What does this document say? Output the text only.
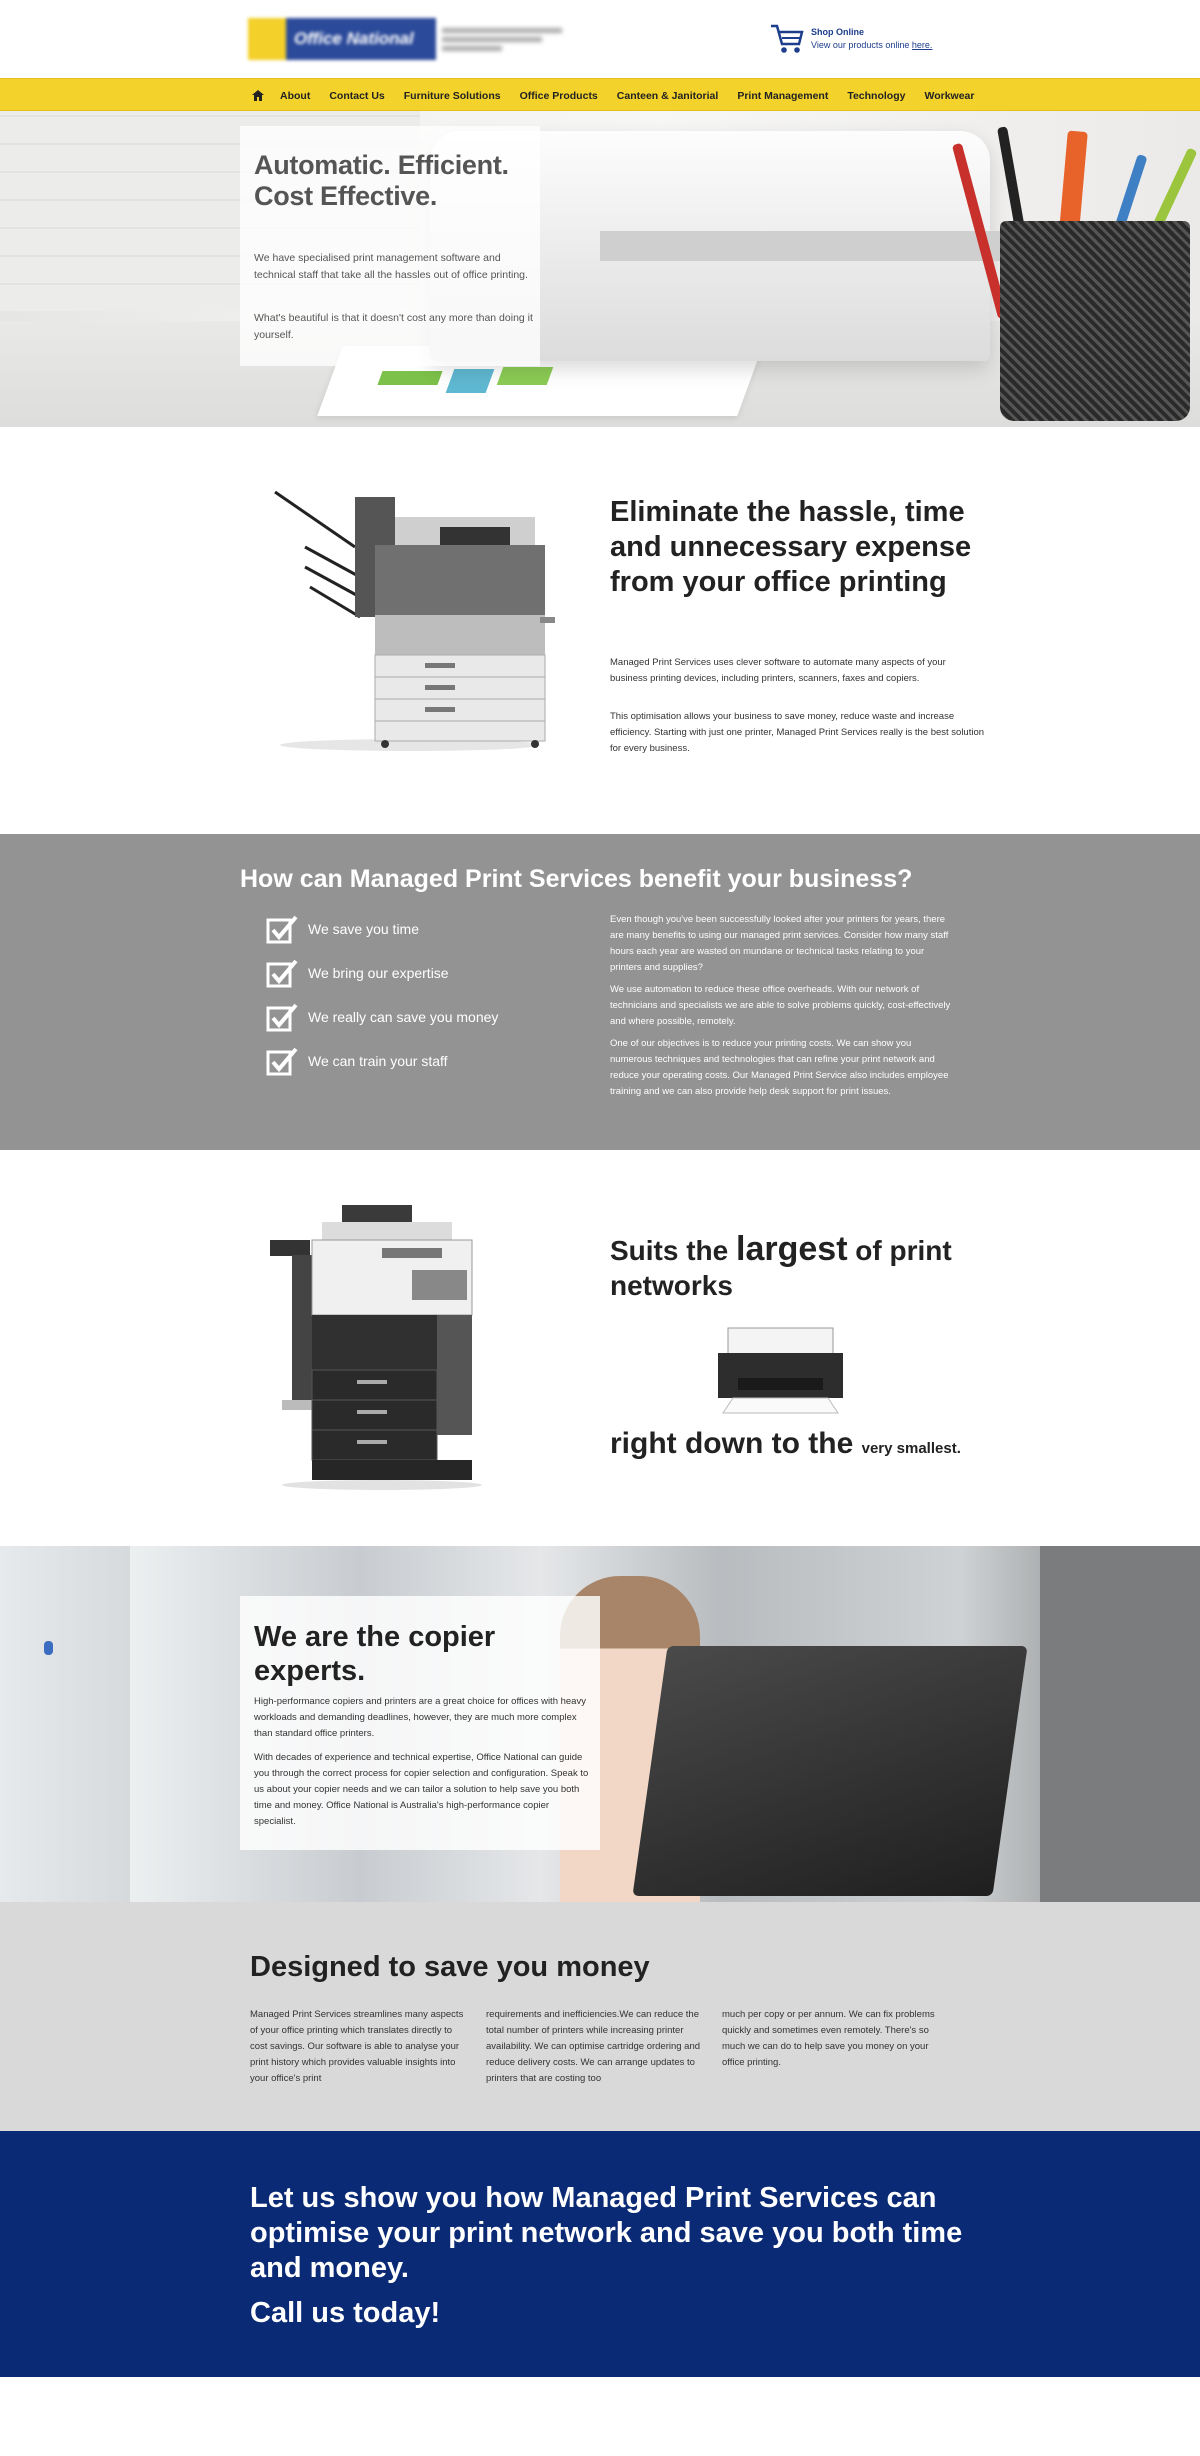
Office National	Shop Online
View our products online here.
About Contact Us Furniture Solutions Office Products Canteen & Janitorial Print Management Technology Workwear
Automatic. Efficient. Cost Effective.

We have specialised print management software and technical staff that take all the hassles out of office printing.

What's beautiful is that it doesn't cost any more than doing it yourself.

Eliminate the hassle, time and unnecessary expense from your office printing

Managed Print Services uses clever software to automate many aspects of your business printing devices, including printers, scanners, faxes and copiers.

This optimisation allows your business to save money, reduce waste and increase efficiency. Starting with just one printer, Managed Print Services really is the best solution for every business.

How can Managed Print Services benefit your business?
We save you time
We bring our expertise
We really can save you money
We can train your staff

Even though you've been successfully looked after your printers for years, there are many benefits to using our managed print services. Consider how many staff hours each year are wasted on mundane or technical tasks relating to your printers and supplies?

We use automation to reduce these office overheads. With our network of technicians and specialists we are able to solve problems quickly, cost-effectively and where possible, remotely.

One of our objectives is to reduce your printing costs. We can show you numerous techniques and technologies that can refine your print network and reduce your operating costs. Our Managed Print Service also includes employee training and we can also provide help desk support for print issues.

Suits the largest of print networks
right down to the very smallest.
We are the copier experts.

High-performance copiers and printers are a great choice for offices with heavy workloads and demanding deadlines, however, they are much more complex than standard office printers.

With decades of experience and technical expertise, Office National can guide you through the correct process for copier selection and configuration. Speak to us about your copier needs and we can tailor a solution to help save you both time and money. Office National is Australia's high-performance copier specialist.

Designed to save you money

Managed Print Services streamlines many aspects of your office printing which translates directly to cost savings. Our software is able to analyse your print history which provides valuable insights into your office's print

requirements and inefficiencies.We can reduce the total number of printers while increasing printer availability. We can optimise cartridge ordering and reduce delivery costs. We can arrange updates to printers that are costing too

much per copy or per annum. We can fix problems quickly and sometimes even remotely. There's so much we can do to help save you money on your office printing.

Let us show you how Managed Print Services can optimise your print network and save you both time and money.
Call us today!
